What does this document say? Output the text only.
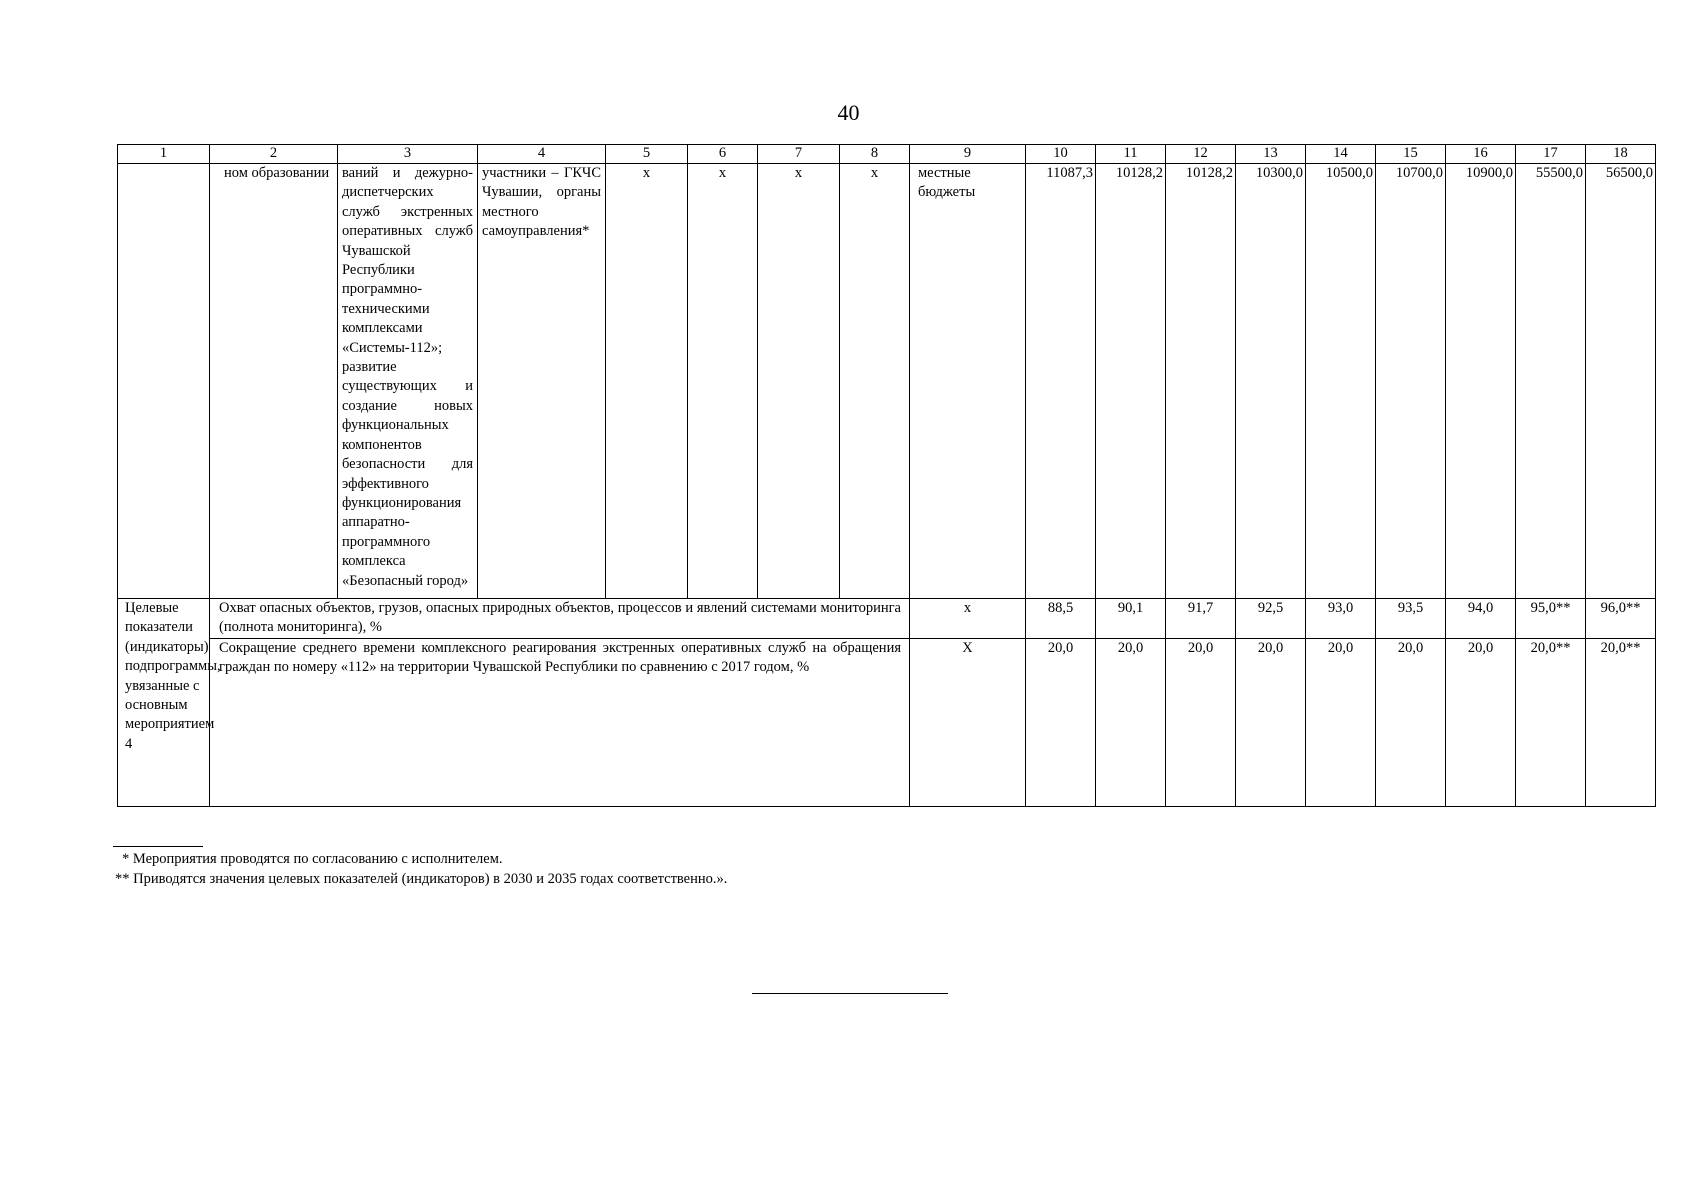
40
1	2	3	4	5	6	7	8	9	10	11	12	13	14	15	16	17	18
	ном образовании	ваний и дежурно-диспетчерских служб экстренных оперативных служб Чувашской Республики программно-техническими комплексами «Системы-112»; развитие существующих и создание новых функциональных компонентов безопасности для эффективного функционирования аппаратно-программного комплекса «Безопасный город»	участники – ГКЧС Чувашии, органы местного самоуправления*	x	x	x	x	местные бюджеты	11087,3	10128,2	10128,2	10300,0	10500,0	10700,0	10900,0	55500,0	56500,0
Целевые показатели (индикаторы) подпрограммы, увязанные с основным мероприятием 4	Охват опасных объектов, грузов, опасных природных объектов, процессов и явлений системами мониторинга (полнота мониторинга), %							x	88,5	90,1	91,7	92,5	93,0	93,5	94,0	95,0**	96,0**
	Сокращение среднего времени комплексного реагирования экстренных оперативных служб на обращения граждан по номеру «112» на территории Чувашской Республики по сравнению с 2017 годом, %							X	20,0	20,0	20,0	20,0	20,0	20,0	20,0	20,0**	20,0**
* Мероприятия проводятся по согласованию с исполнителем.
** Приводятся значения целевых показателей (индикаторов) в 2030 и 2035 годах соответственно.».
